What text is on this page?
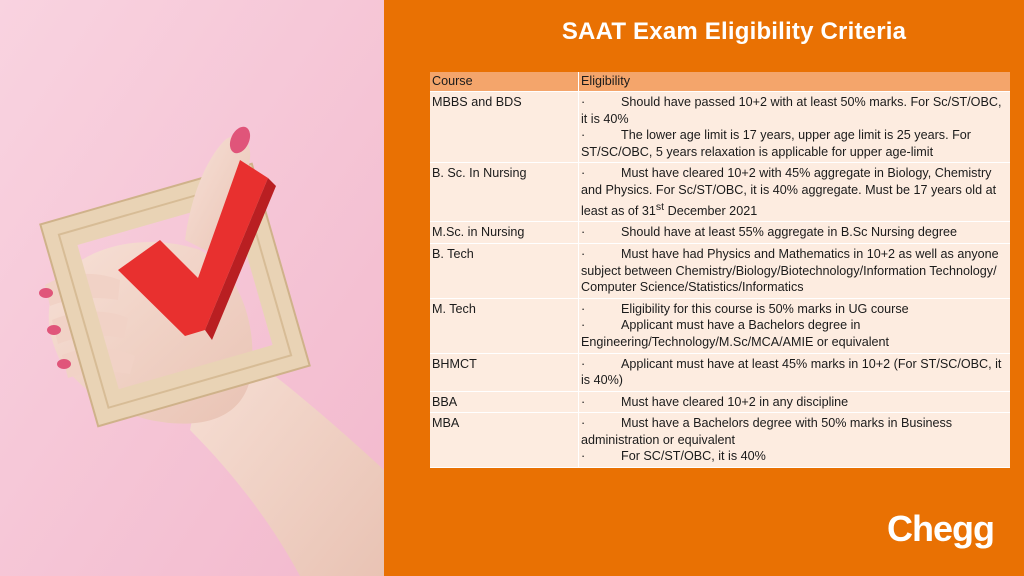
SAAT Exam Eligibility Criteria
Course	Eligibility
MBBS and BDS	· Should have passed 10+2 with at least 50% marks. For Sc/ST/OBC, it is 40%
· The lower age limit is 17 years, upper age limit is 25 years. For ST/SC/OBC, 5 years relaxation is applicable for upper age-limit

B. Sc. In Nursing	· Must have cleared 10+2 with 45% aggregate in Biology, Chemistry and Physics. For Sc/ST/OBC, it is 40% aggregate. Must be 17 years old at least as of 31st December 2021

M.Sc. in Nursing	· Should have at least 55% aggregate in B.Sc Nursing degree

B. Tech	· Must have had Physics and Mathematics in 10+2 as well as anyone subject between Chemistry/Biology/Biotechnology/Information Technology/ Computer Science/Statistics/Informatics

M. Tech	· Eligibility for this course is 50% marks in UG course
· Applicant must have a Bachelors degree in Engineering/Technology/M.Sc/MCA/AMIE or equivalent

BHMCT	· Applicant must have at least 45% marks in 10+2 (For ST/SC/OBC, it is 40%)

BBA	· Must have cleared 10+2 in any discipline

MBA	· Must have a Bachelors degree with 50% marks in Business administration or equivalent
· For SC/ST/OBC, it is 40%
Chegg
